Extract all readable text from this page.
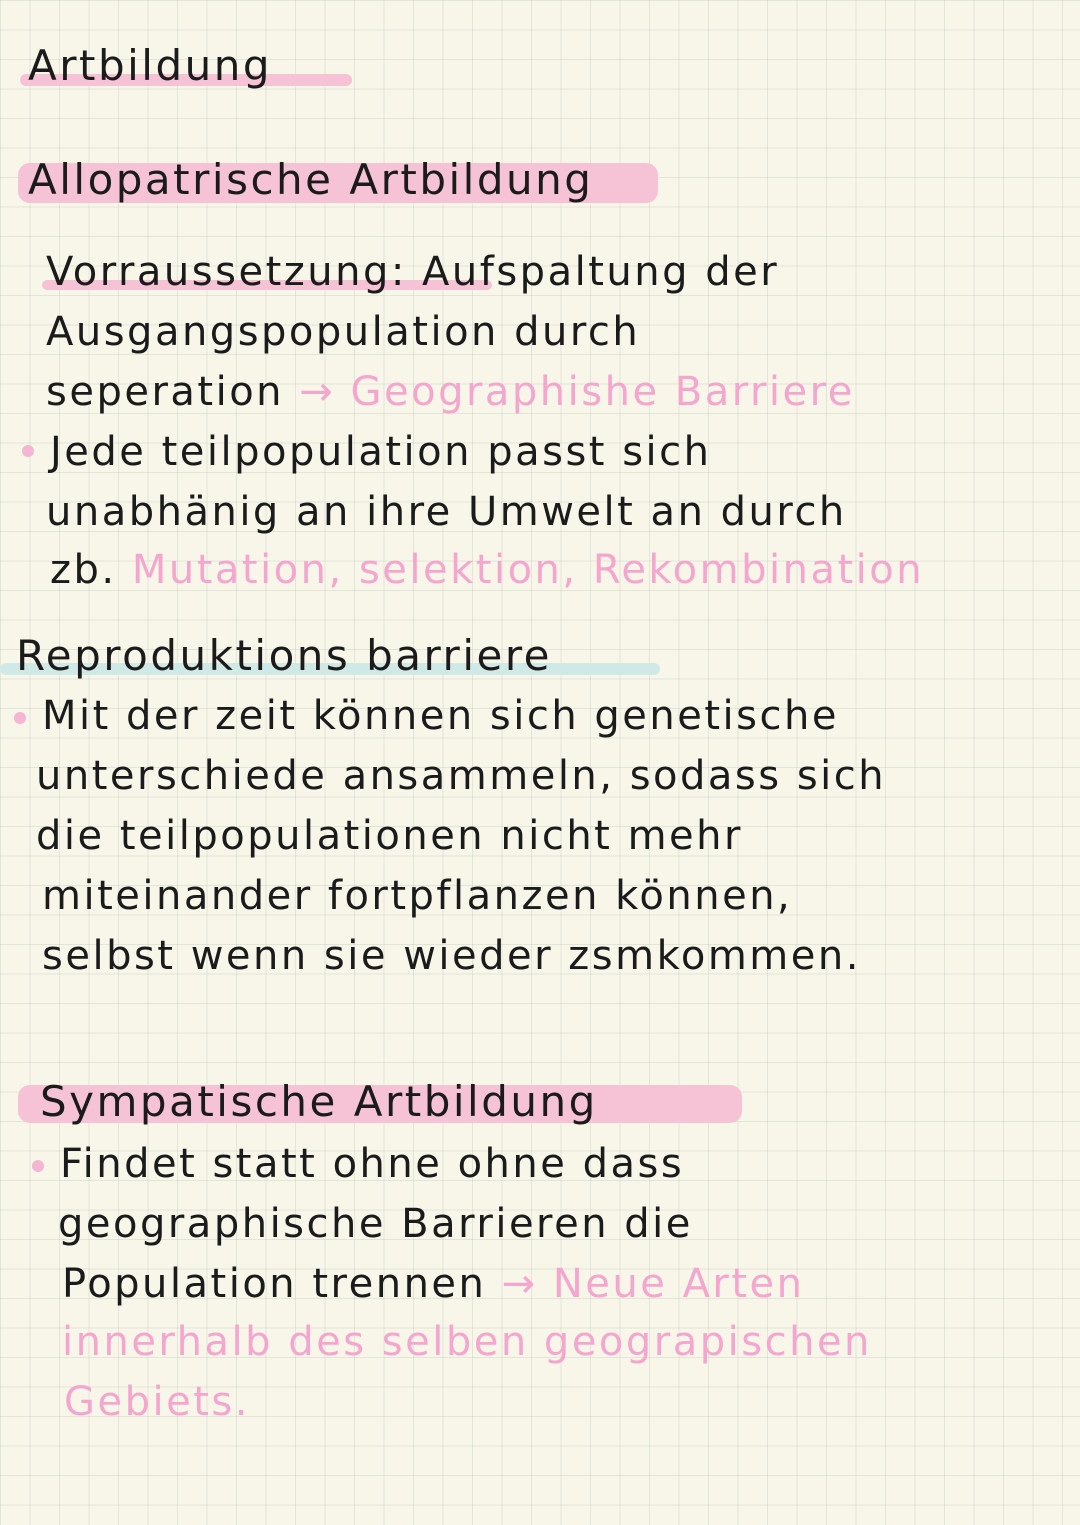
Artbildung
Allopatrische Artbildung
Vorraussetzung: Aufspaltung der
Ausgangspopulation durch
seperation → Geographishe Barriere
Jede teilpopulation passt sich
unabhänig an ihre Umwelt an durch
zb. Mutation, selektion, Rekombination
Reproduktions barriere
Mit der zeit können sich genetische
unterschiede ansammeln, sodass sich
die teilpopulationen nicht mehr
miteinander fortpflanzen können,
selbst wenn sie wieder zsmkommen.
Sympatische Artbildung
Findet statt ohne ohne dass
geographische Barrieren die
Population trennen → Neue Arten
innerhalb des selben geograpischen
Gebiets.
